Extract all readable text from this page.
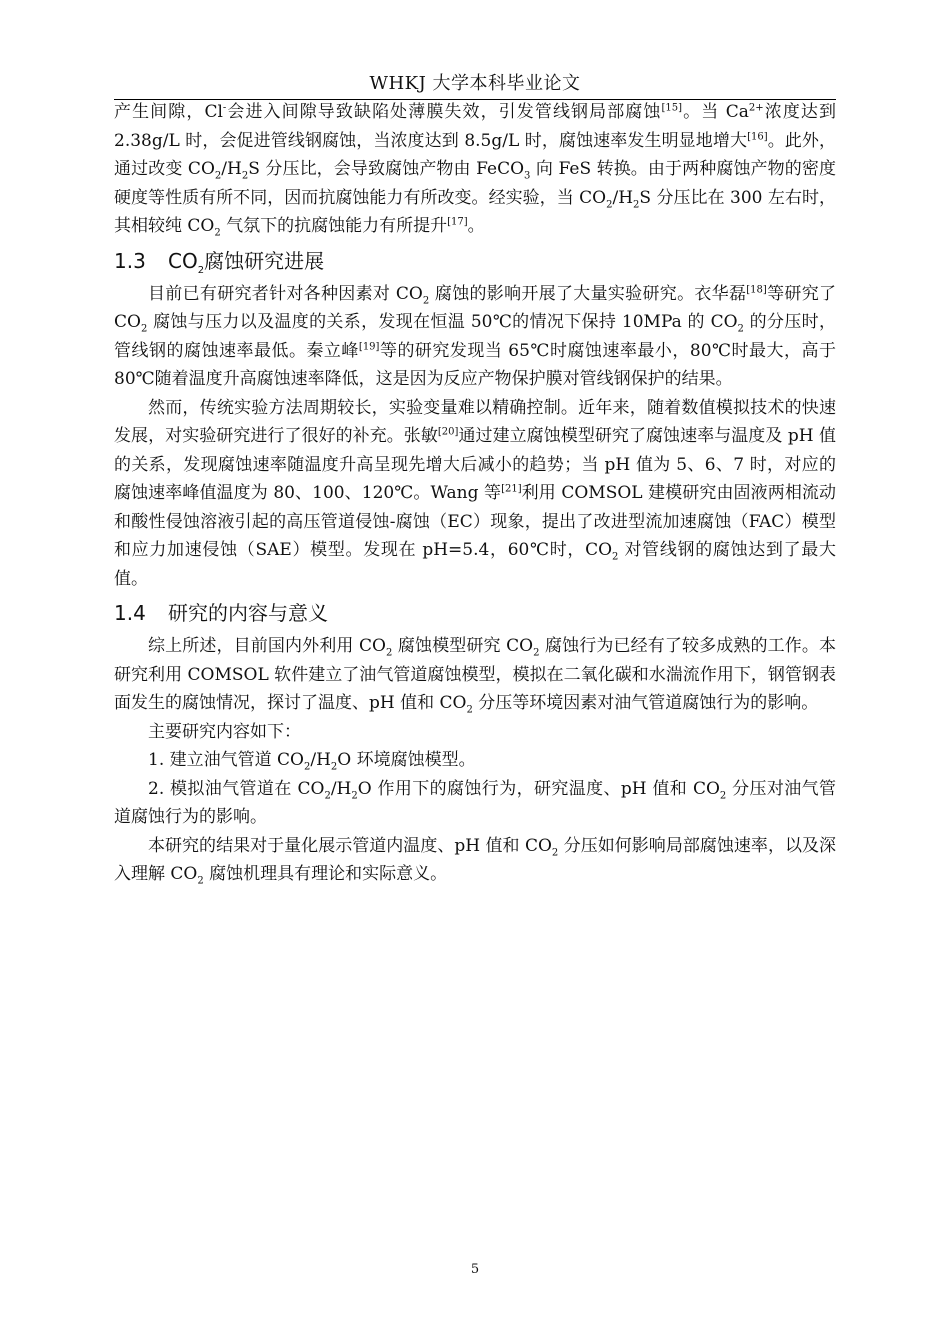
WHKJ 大学本科毕业论文

产生间隙，Cl-会进入间隙导致缺陷处薄膜失效，引发管线钢局部腐蚀[15]。当 $Ca^{2+}$浓度达到 2.38g/L 时，会促进管线钢腐蚀，当浓度达到 8.5g/L 时，腐蚀速率发生明显地增大[16]。此外，通过改变 $CO_2/H_2S$ 分压比，会导致腐蚀产物由 FeCO$_3$ 向 FeS 转换。由于两种腐蚀产物的密度硬度等性质有所不同，因而抗腐蚀能力有所改变。经实验，当 $CO_2/H_2S$ 分压比在 300 左右时，其相较纯 $CO_2$ 气氛下的抗腐蚀能力有所提升[17]。

1.3 $CO_2$腐蚀研究进展

目前已有研究者针对各种因素对 $CO_2$ 腐蚀的影响开展了大量实验研究。衣华磊[18]等研究了 $CO_2$ 腐蚀与压力以及温度的关系，发现在恒温 50℃的情况下保持 10MPa 的 $CO_2$ 的分压时，管线钢的腐蚀速率最低。秦立峰[19]等的研究发现当 65℃时腐蚀速率最小，80℃时最大，高于 80℃随着温度升高腐蚀速率降低，这是因为反应产物保护膜对管线钢保护的结果。

然而，传统实验方法周期较长，实验变量难以精确控制。近年来，随着数值模拟技术的快速发展，对实验研究进行了很好的补充。张敏[20]通过建立腐蚀模型研究了腐蚀速率与温度及 pH 值的关系，发现腐蚀速率随温度升高呈现先增大后减小的趋势；当 pH 值为 5、6、7 时，对应的腐蚀速率峰值温度为 80、100、120℃。Wang 等[21]利用 COMSOL 建模研究由固液两相流动和酸性侵蚀溶液引起的高压管道侵蚀-腐蚀（EC）现象，提出了改进型流加速腐蚀（FAC）模型和应力加速侵蚀（SAE）模型。发现在 pH=5.4，60℃时，$CO_2$ 对管线钢的腐蚀达到了最大值。

1.4 研究的内容与意义

综上所述，目前国内外利用 $CO_2$ 腐蚀模型研究 $CO_2$ 腐蚀行为已经有了较多成熟的工作。本研究利用 COMSOL 软件建立了油气管道腐蚀模型，模拟在二氧化碳和水湍流作用下，钢管钢表面发生的腐蚀情况，探讨了温度、pH 值和 $CO_2$ 分压等环境因素对油气管道腐蚀行为的影响。

主要研究内容如下：

1. 建立油气管道 $CO_2/H_2O$ 环境腐蚀模型。

2. 模拟油气管道在 $CO_2/H_2O$ 作用下的腐蚀行为，研究温度、pH 值和 $CO_2$ 分压对油气管道腐蚀行为的影响。

本研究的结果对于量化展示管道内温度、pH 值和 $CO_2$ 分压如何影响局部腐蚀速率，以及深入理解 $CO_2$ 腐蚀机理具有理论和实际意义。

5
